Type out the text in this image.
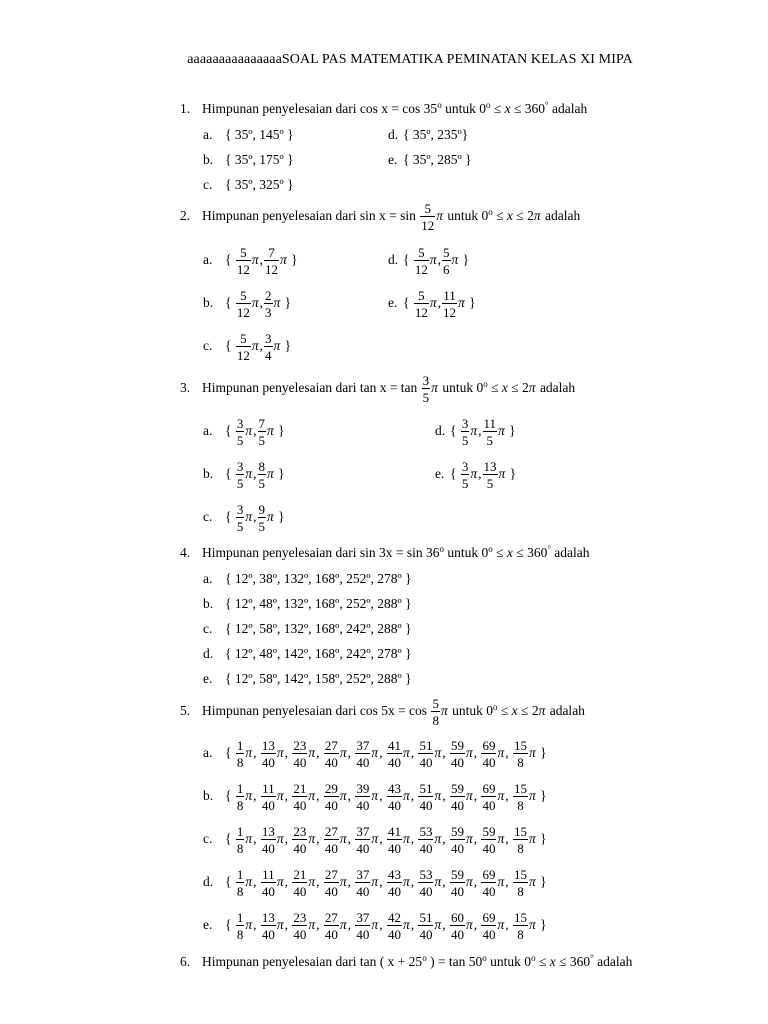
aaaaaaaaaaaaaaaSOAL PAS MATEMATIKA PEMINATAN KELAS XI MIPA
1. Himpunan penyelesaian dari cos x = cos 35$^o$ untuk $0^o \le x \le 360^\circ$ adalah
a. { 35º, 145º }
b. { 35º, 175º }
c. { 35º, 325º }
d. { 35º, 235º}
e. { 35º, 285º }
2. Himpunan penyelesaian dari $\sin x = \sin \frac{5}{12}$ π untuk $0^o \le x \le 2\pi$ adalah
a. { $\frac{5}{12} \pi$, $\frac{7}{12}$ π }
b. { $\frac{5}{12} \pi$, $\frac{2}{3}$ π }
c. { $\frac{5}{12} \pi$, $\frac{3}{4}$ π }
d. { $\frac{5}{12} \pi$, $\frac{5}{6}$ π }
e. { $\frac{5}{12} \pi$, $\frac{11}{12}$ π }
3. Himpunan penyelesaian dari $\tan x = \tan \frac{3}{5}$ π untuk $0^o \le x \le 2\pi$ adalah
a. { $\frac{3}{5} \pi$, $\frac{7}{5}$ π }
b. { $\frac{3}{5} \pi$, $\frac{8}{5}$ π }
c. { $\frac{3}{5} \pi$, $\frac{9}{5}$ π }
d. { $\frac{3}{5} \pi$, $\frac{11}{5}$ π }
e. { $\frac{3}{5} \pi$, $\frac{13}{5}$ π }
4. Himpunan penyelesaian dari sin 3x = sin 36$^o$ untuk $0^o \le x \le 360^\circ$ adalah
a. { 12º, 38º, 132º, 168º, 252º, 278º }
b. { 12º, 48º, 132º, 168º, 252º, 288º }
c. { 12º, 58º, 132º, 168º, 242º, 288º }
d. { 12º, 48º, 142º, 168º, 242º, 278º }
e. { 12º, 58º, 142º, 158º, 252º, 288º }
5. Himpunan penyelesaian dari $\cos 5x = \cos \frac{5}{8}$ π untuk $0^o \le x \le 2\pi$ adalah
a. { $\frac{1}{8} \pi$, $\frac{13}{40} \pi$, $\frac{23}{40} \pi$, $\frac{27}{40} \pi$, $\frac{37}{40} \pi$, $\frac{41}{40} \pi$, $\frac{51}{40} \pi$, $\frac{59}{40} \pi$, $\frac{69}{40} \pi$, $\frac{15}{8}$ π }
b. { $\frac{1}{8} \pi$, $\frac{11}{40} \pi$, $\frac{21}{40} \pi$, $\frac{29}{40} \pi$, $\frac{39}{40} \pi$, $\frac{43}{40} \pi$, $\frac{51}{40} \pi$, $\frac{59}{40} \pi$, $\frac{69}{40} \pi$, $\frac{15}{8}$ π }
c. { $\frac{1}{8} \pi$, $\frac{13}{40} \pi$, $\frac{23}{40} \pi$, $\frac{27}{40} \pi$, $\frac{37}{40} \pi$, $\frac{41}{40} \pi$, $\frac{53}{40} \pi$, $\frac{59}{40} \pi$, $\frac{59}{40} \pi$, $\frac{15}{8}$ π }
d. { $\frac{1}{8} \pi$, $\frac{11}{40} \pi$, $\frac{21}{40} \pi$, $\frac{27}{40} \pi$, $\frac{37}{40} \pi$, $\frac{43}{40} \pi$, $\frac{53}{40} \pi$, $\frac{59}{40} \pi$, $\frac{69}{40} \pi$, $\frac{15}{8}$ π }
e. { $\frac{1}{8} \pi$, $\frac{13}{40} \pi$, $\frac{23}{40} \pi$, $\frac{27}{40} \pi$, $\frac{37}{40} \pi$, $\frac{42}{40} \pi$, $\frac{51}{40} \pi$, $\frac{60}{40} \pi$, $\frac{69}{40} \pi$, $\frac{15}{8}$ π }
6. Himpunan penyelesaian dari tan ( $x + 25^o$ ) = tan 50$^o$ untuk $0^o \le x \le 360^\circ$ adalah
